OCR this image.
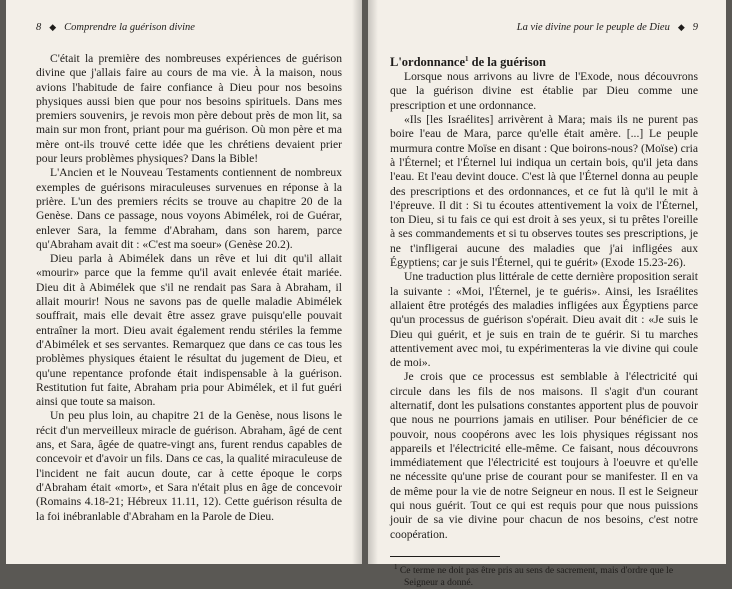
8 ◆ Comprendre la guérison divine

C'était la première des nombreuses expériences de guérison divine que j'allais faire au cours de ma vie. À la maison, nous avions l'habitude de faire confiance à Dieu pour nos besoins physiques aussi bien que pour nos besoins spirituels. Dans mes premiers souvenirs, je revois mon père debout près de mon lit, sa main sur mon front, priant pour ma guérison. Où mon père et ma mère ont-ils trouvé cette idée que les chrétiens devaient prier pour leurs problèmes physiques? Dans la Bible!

L'Ancien et le Nouveau Testaments contiennent de nombreux exemples de guérisons miraculeuses survenues en réponse à la prière. L'un des premiers récits se trouve au chapitre 20 de la Genèse. Dans ce passage, nous voyons Abimélek, roi de Guérar, enlever Sara, la femme d'Abraham, dans son harem, parce qu'Abraham avait dit : «C'est ma soeur» (Genèse 20.2).

Dieu parla à Abimélek dans un rêve et lui dit qu'il allait «mourir» parce que la femme qu'il avait enlevée était mariée. Dieu dit à Abimélek que s'il ne rendait pas Sara à Abraham, il allait mourir! Nous ne savons pas de quelle maladie Abimélek souffrait, mais elle devait être assez grave puisqu'elle pouvait entraîner la mort. Dieu avait également rendu stériles la femme d'Abimélek et ses servantes. Remarquez que dans ce cas tous les problèmes physiques étaient le résultat du jugement de Dieu, et qu'une repentance profonde était indispensable à la guérison. Restitution fut faite, Abraham pria pour Abimélek, et il fut guéri ainsi que toute sa maison.

Un peu plus loin, au chapitre 21 de la Genèse, nous lisons le récit d'un merveilleux miracle de guérison. Abraham, âgé de cent ans, et Sara, âgée de quatre-vingt ans, furent rendus capables de concevoir et d'avoir un fils. Dans ce cas, la qualité miraculeuse de l'incident ne fait aucun doute, car à cette époque le corps d'Abraham était «mort», et Sara n'était plus en âge de concevoir (Romains 4.18-21; Hébreux 11.11, 12). Cette guérison résulta de la foi inébranlable d'Abraham en la Parole de Dieu.

La vie divine pour le peuple de Dieu ◆ 9
L'ordonnance$^1$ de la guérison

Lorsque nous arrivons au livre de l'Exode, nous découvrons que la guérison divine est établie par Dieu comme une prescription et une ordonnance.

«Ils [les Israélites] arrivèrent à Mara; mais ils ne purent pas boire l'eau de Mara, parce qu'elle était amère. [...] Le peuple murmura contre Moïse en disant : Que boirons-nous? (Moïse) cria à l'Éternel; et l'Éternel lui indiqua un certain bois, qu'il jeta dans l'eau. Et l'eau devint douce. C'est là que l'Éternel donna au peuple des prescriptions et des ordonnances, et ce fut là qu'il le mit à l'épreuve. Il dit : Si tu écoutes attentivement la voix de l'Éternel, ton Dieu, si tu fais ce qui est droit à ses yeux, si tu prêtes l'oreille à ses commandements et si tu observes toutes ses prescriptions, je ne t'infligerai aucune des maladies que j'ai infligées aux Égyptiens; car je suis l'Éternel, qui te guérit» (Exode 15.23-26).

Une traduction plus littérale de cette dernière proposition serait la suivante : «Moi, l'Éternel, je te guéris». Ainsi, les Israélites allaient être protégés des maladies infligées aux Égyptiens parce qu'un processus de guérison s'opérait. Dieu avait dit : «Je suis le Dieu qui guérit, et je suis en train de te guérir. Si tu marches attentivement avec moi, tu expérimenteras la vie divine qui coule de moi».

Je crois que ce processus est semblable à l'électricité qui circule dans les fils de nos maisons. Il s'agit d'un courant alternatif, dont les pulsations constantes apportent plus de pouvoir que nous ne pourrions jamais en utiliser. Pour bénéficier de ce pouvoir, nous coopérons avec les lois physiques régissant nos appareils et l'électricité elle-même. Ce faisant, nous découvrons immédiatement que l'électricité est toujours à l'oeuvre et qu'elle ne nécessite qu'une prise de courant pour se manifester. Il en va de même pour la vie de notre Seigneur en nous. Il est le Seigneur qui nous guérit. Tout ce qui est requis pour que nous puissions jouir de sa vie divine pour chacun de nos besoins, c'est notre coopération.

$^1$ Ce terme ne doit pas être pris au sens de sacrement, mais d'ordre que le Seigneur a donné.
